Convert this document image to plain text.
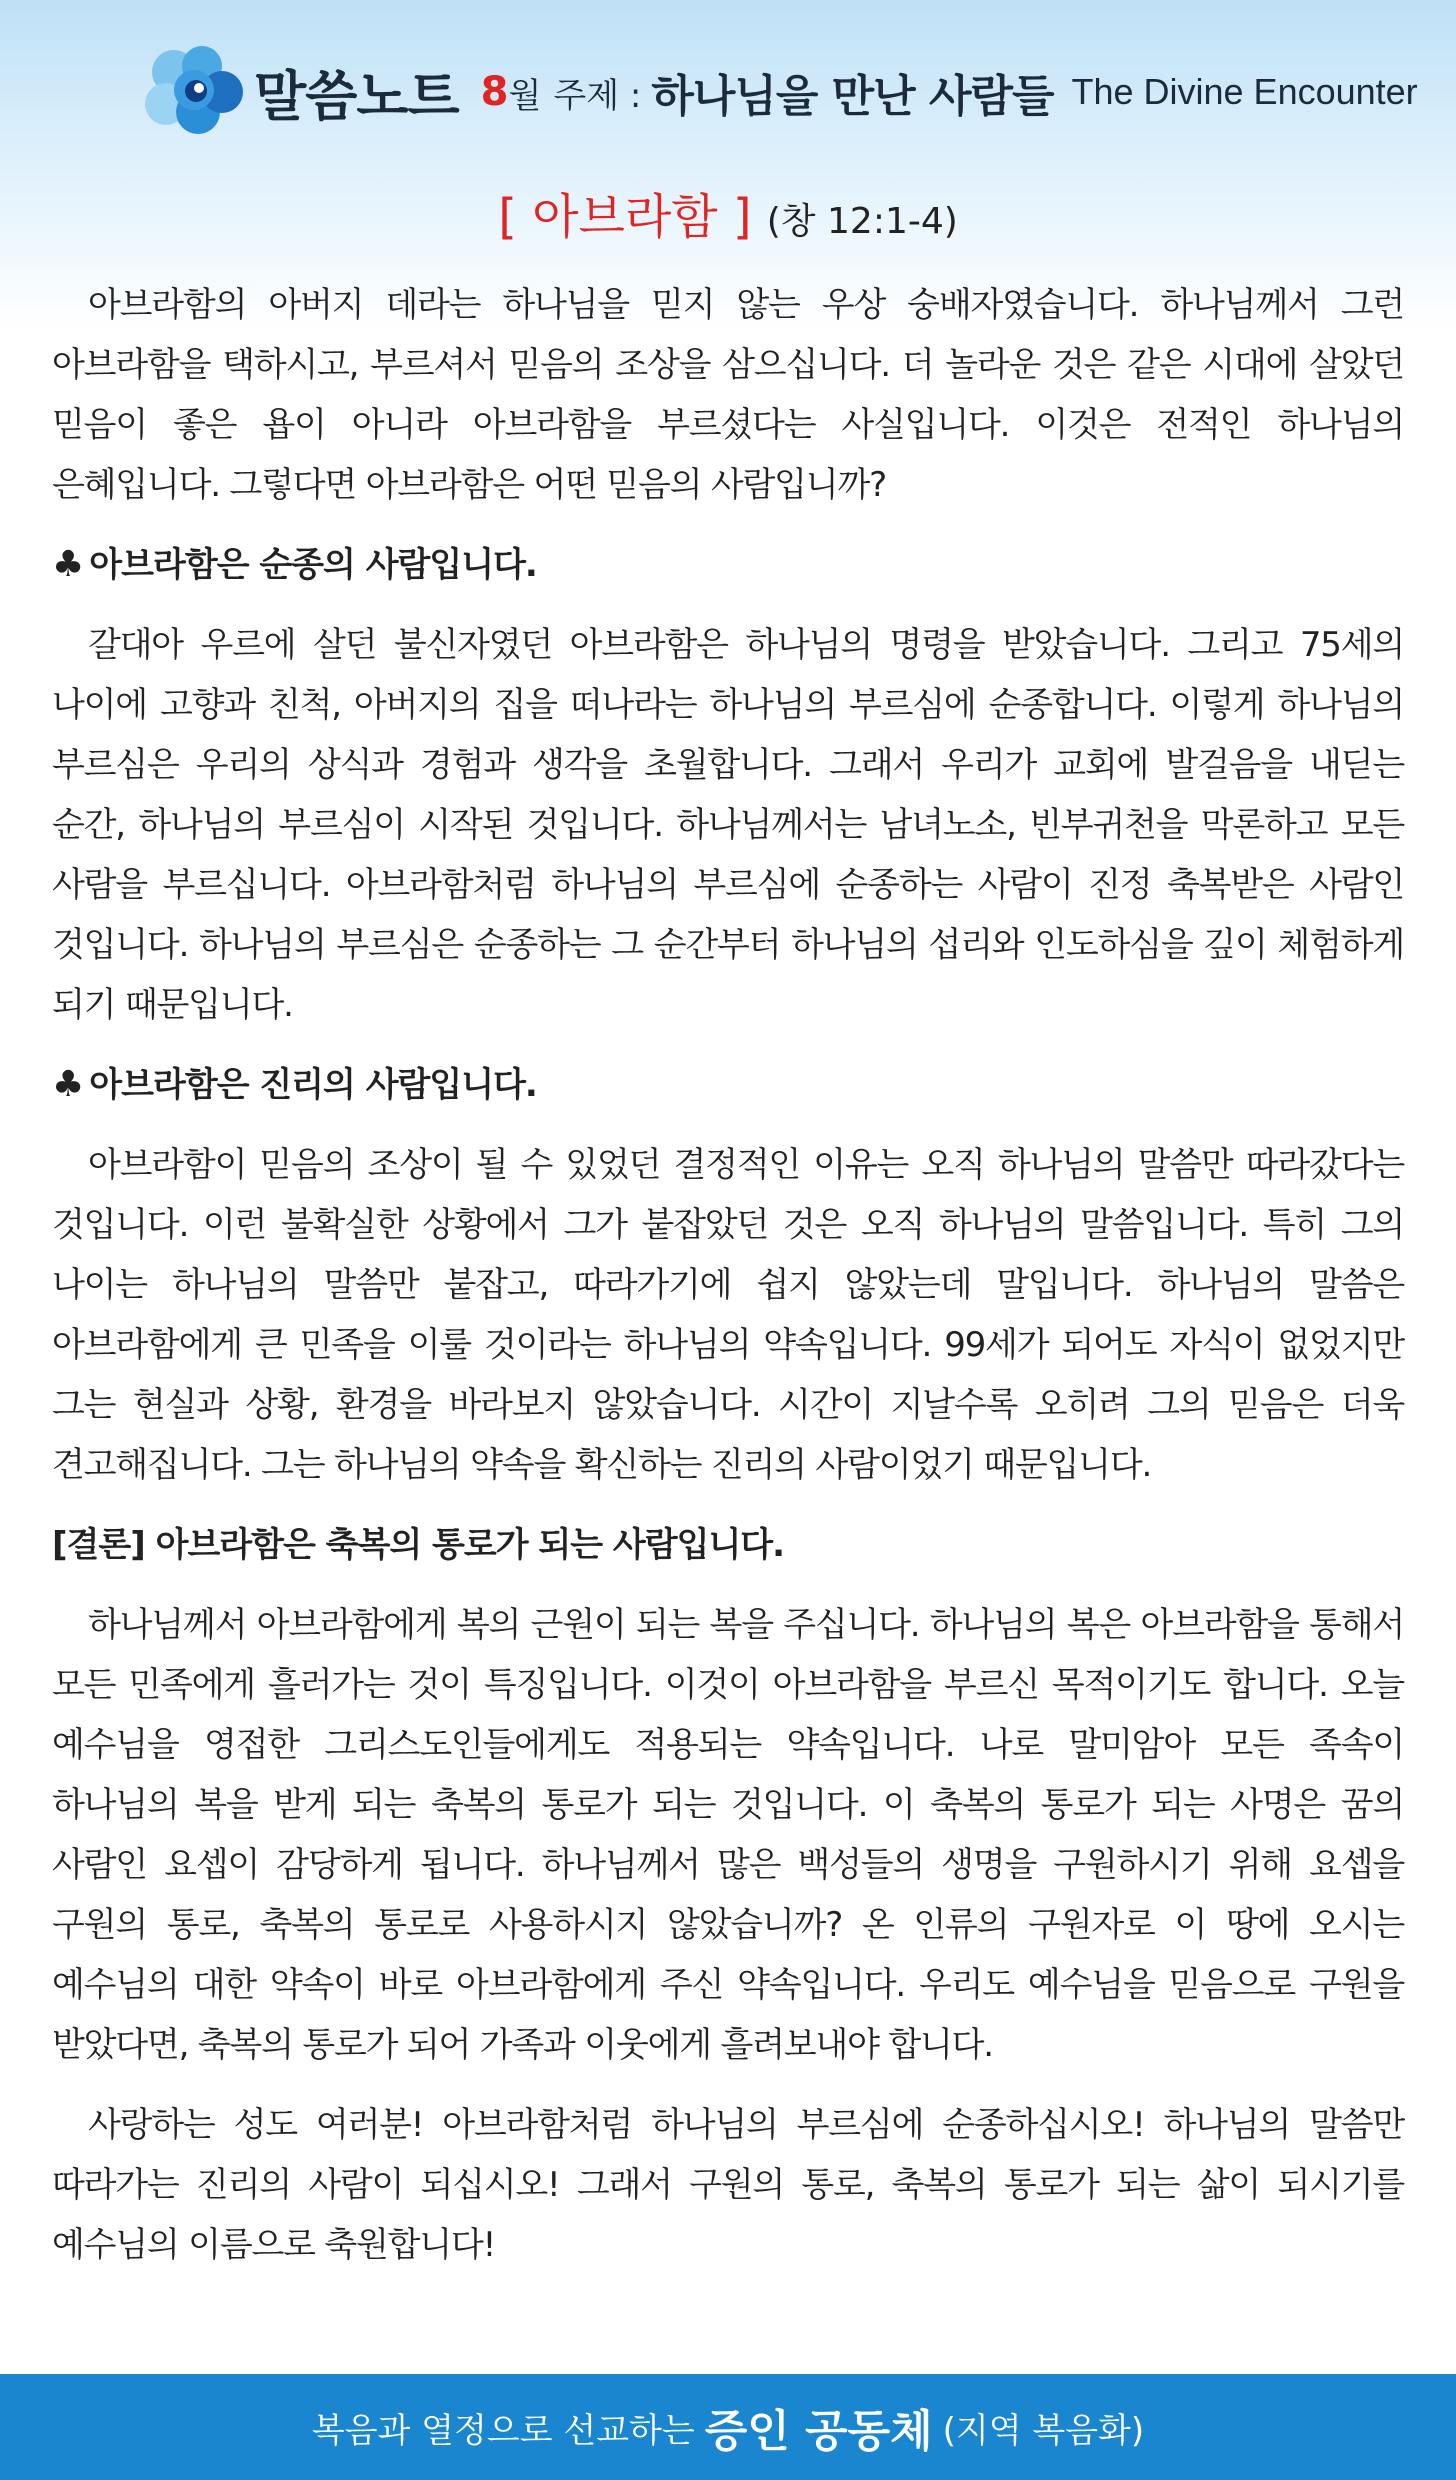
말씀노트 8 월 주제 : 하나님을 만난 사람들 The Divine Encounter
[ 아브라함 ] (창 12:1-4)

아브라함의 아버지 데라는 하나님을 믿지 않는 우상 숭배자였습니다. 하나님께서 그런 아브라함을 택하시고, 부르셔서 믿음의 조상을 삼으십니다. 더 놀라운 것은 같은 시대에 살았던 믿음이 좋은 욥이 아니라 아브라함을 부르셨다는 사실입니다. 이것은 전적인 하나님의 은혜입니다. 그렇다면 아브라함은 어떤 믿음의 사람입니까?

♣ 아브라함은 순종의 사람입니다.

갈대아 우르에 살던 불신자였던 아브라함은 하나님의 명령을 받았습니다. 그리고 75세의 나이에 고향과 친척, 아버지의 집을 떠나라는 하나님의 부르심에 순종합니다. 이렇게 하나님의 부르심은 우리의 상식과 경험과 생각을 초월합니다. 그래서 우리가 교회에 발걸음을 내딛는 순간, 하나님의 부르심이 시작된 것입니다. 하나님께서는 남녀노소, 빈부귀천을 막론하고 모든 사람을 부르십니다. 아브라함처럼 하나님의 부르심에 순종하는 사람이 진정 축복받은 사람인 것입니다. 하나님의 부르심은 순종하는 그 순간부터 하나님의 섭리와 인도하심을 깊이 체험하게 되기 때문입니다.

♣ 아브라함은 진리의 사람입니다.

아브라함이 믿음의 조상이 될 수 있었던 결정적인 이유는 오직 하나님의 말씀만 따라갔다는 것입니다. 이런 불확실한 상황에서 그가 붙잡았던 것은 오직 하나님의 말씀입니다. 특히 그의 나이는 하나님의 말씀만 붙잡고, 따라가기에 쉽지 않았는데 말입니다. 하나님의 말씀은 아브라함에게 큰 민족을 이룰 것이라는 하나님의 약속입니다. 99세가 되어도 자식이 없었지만 그는 현실과 상황, 환경을 바라보지 않았습니다. 시간이 지날수록 오히려 그의 믿음은 더욱 견고해집니다. 그는 하나님의 약속을 확신하는 진리의 사람이었기 때문입니다.

[결론] 아브라함은 축복의 통로가 되는 사람입니다.

하나님께서 아브라함에게 복의 근원이 되는 복을 주십니다. 하나님의 복은 아브라함을 통해서 모든 민족에게 흘러가는 것이 특징입니다. 이것이 아브라함을 부르신 목적이기도 합니다. 오늘 예수님을 영접한 그리스도인들에게도 적용되는 약속입니다. 나로 말미암아 모든 족속이 하나님의 복을 받게 되는 축복의 통로가 되는 것입니다. 이 축복의 통로가 되는 사명은 꿈의 사람인 요셉이 감당하게 됩니다. 하나님께서 많은 백성들의 생명을 구원하시기 위해 요셉을 구원의 통로, 축복의 통로로 사용하시지 않았습니까? 온 인류의 구원자로 이 땅에 오시는 예수님의 대한 약속이 바로 아브라함에게 주신 약속입니다. 우리도 예수님을 믿음으로 구원을 받았다면, 축복의 통로가 되어 가족과 이웃에게 흘려보내야 합니다.

사랑하는 성도 여러분! 아브라함처럼 하나님의 부르심에 순종하십시오! 하나님의 말씀만 따라가는 진리의 사람이 되십시오! 그래서 구원의 통로, 축복의 통로가 되는 삶이 되시기를 예수님의 이름으로 축원합니다!

복음과 열정으로 선교하는 증인 공동체 (지역 복음화)
